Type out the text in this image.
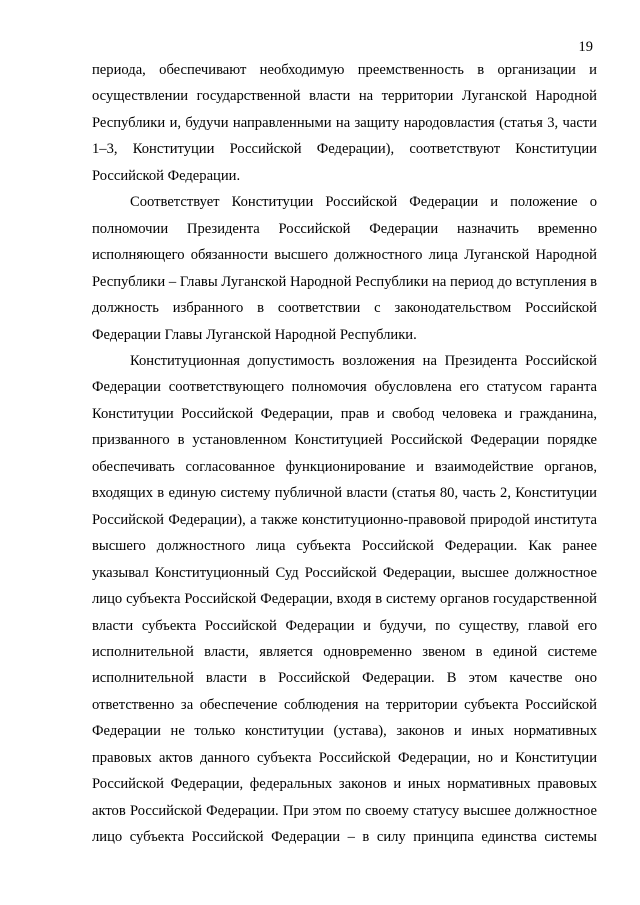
19

периода, обеспечивают необходимую преемственность в организации и осуществлении государственной власти на территории Луганской Народной Республики и, будучи направленными на защиту народовластия (статья 3, части 1–3, Конституции Российской Федерации), соответствуют Конституции Российской Федерации.

Соответствует Конституции Российской Федерации и положение о полномочии Президента Российской Федерации назначить временно исполняющего обязанности высшего должностного лица Луганской Народной Республики – Главы Луганской Народной Республики на период до вступления в должность избранного в соответствии с законодательством Российской Федерации Главы Луганской Народной Республики.

Конституционная допустимость возложения на Президента Российской Федерации соответствующего полномочия обусловлена его статусом гаранта Конституции Российской Федерации, прав и свобод человека и гражданина, призванного в установленном Конституцией Российской Федерации порядке обеспечивать согласованное функционирование и взаимодействие органов, входящих в единую систему публичной власти (статья 80, часть 2, Конституции Российской Федерации), а также конституционно-правовой природой института высшего должностного лица субъекта Российской Федерации. Как ранее указывал Конституционный Суд Российской Федерации, высшее должностное лицо субъекта Российской Федерации, входя в систему органов государственной власти субъекта Российской Федерации и будучи, по существу, главой его исполнительной власти, является одновременно звеном в единой системе исполнительной власти в Российской Федерации. В этом качестве оно ответственно за обеспечение соблюдения на территории субъекта Российской Федерации не только конституции (устава), законов и иных нормативных правовых актов данного субъекта Российской Федерации, но и Конституции Российской Федерации, федеральных законов и иных нормативных правовых актов Российской Федерации. При этом по своему статусу высшее должностное лицо субъекта Российской Федерации – в силу принципа единства системы
